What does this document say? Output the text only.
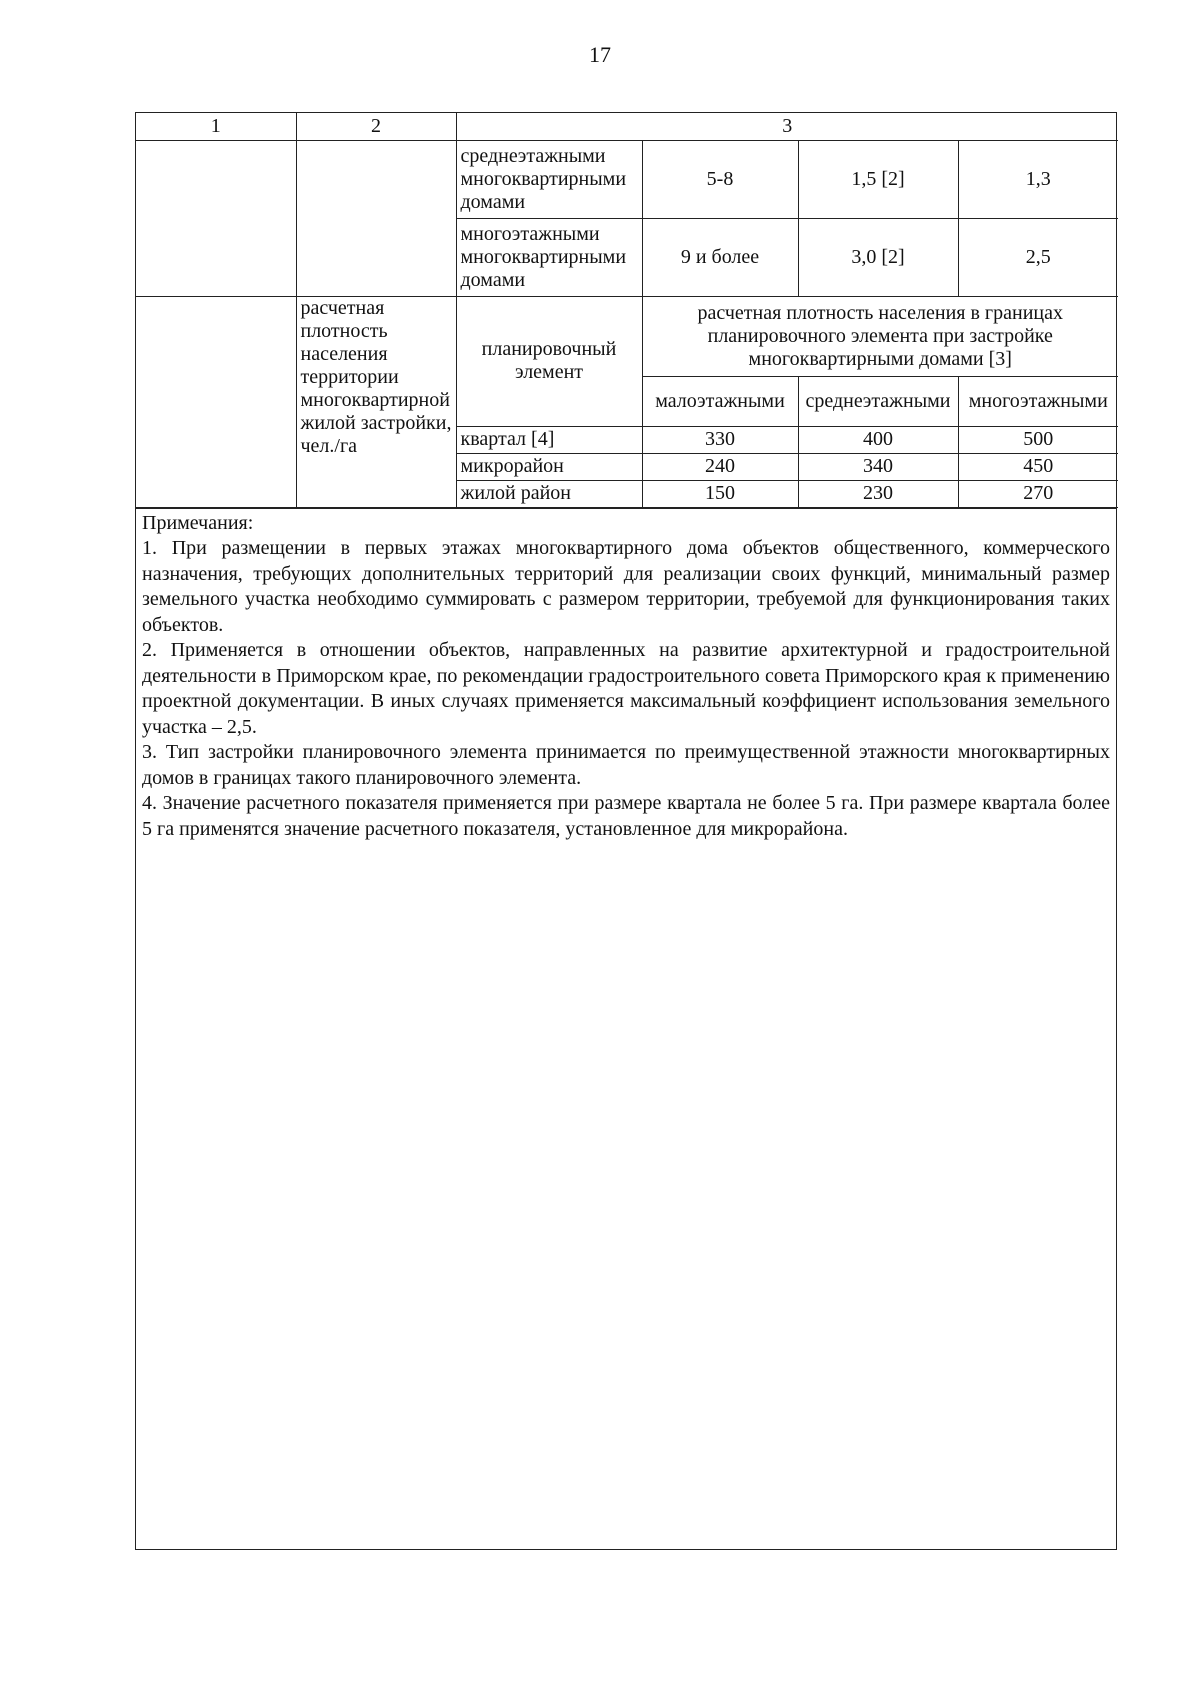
17
1	2	3			
		среднеэтажными многоквартирными домами	5-8	1,5 [2]	1,3
		многоэтажными многоквартирными домами	9 и более	3,0 [2]	2,5
	расчетная плотность населения территории многоквартирной жилой застройки, чел./га	планировочный элемент	расчетная плотность населения в границах планировочного элемента при застройке многоквартирными домами [3]		
			малоэтажными	среднеэтажными	многоэтажными
		квартал [4]	330	400	500
		микрорайон	240	340	450
		жилой район	150	230	270
Примечания:
1. При размещении в первых этажах многоквартирного дома объектов общественного, коммерческого назначения, требующих дополнительных территорий для реализации своих функций, минимальный размер земельного участка необходимо суммировать с размером территории, требуемой для функционирования таких объектов.
2. Применяется в отношении объектов, направленных на развитие архитектурной и градостроительной деятельности в Приморском крае, по рекомендации градостроительного совета Приморского края к применению проектной документации. В иных случаях применяется максимальный коэффициент использования земельного участка – 2,5.
3. Тип застройки планировочного элемента принимается по преимущественной этажности многоквартирных домов в границах такого планировочного элемента.
4. Значение расчетного показателя применяется при размере квартала не более 5 га. При размере квартала более 5 га применятся значение расчетного показателя, установленное для микрорайона.
